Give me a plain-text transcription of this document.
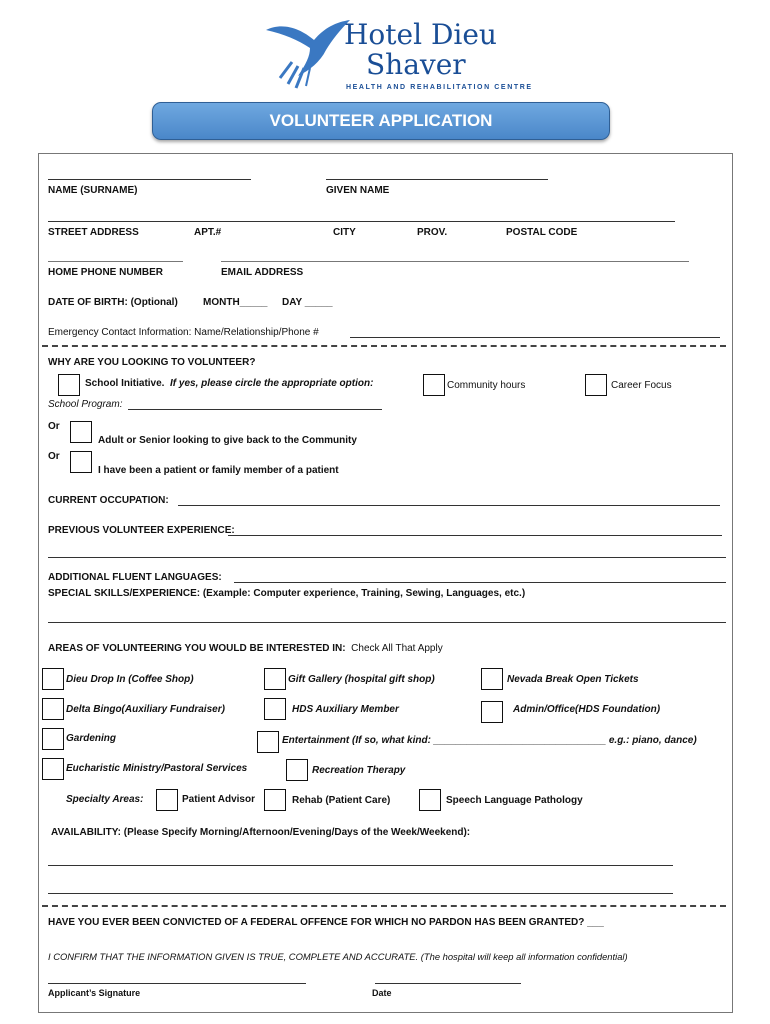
Hotel Dieu
Shaver
HEALTH AND REHABILITATION CENTRE
VOLUNTEER APPLICATION
NAME (SURNAME)	GIVEN NAME
STREET ADDRESS	APT.#	CITY	PROV.	POSTAL CODE
HOME PHONE NUMBER	EMAIL ADDRESS
DATE OF BIRTH: (Optional)	MONTH_____ DAY _____
Emergency Contact Information: Name/Relationship/Phone #
WHY ARE YOU LOOKING TO VOLUNTEER?
School Initiative. If yes, please circle the appropriate option:	Community hours	Career Focus
School Program:
Or
Adult or Senior looking to give back to the Community
Or
I have been a patient or family member of a patient
CURRENT OCCUPATION:
PREVIOUS VOLUNTEER EXPERIENCE:
ADDITIONAL FLUENT LANGUAGES:
SPECIAL SKILLS/EXPERIENCE: (Example: Computer experience, Training, Sewing, Languages, etc.)
AREAS OF VOLUNTEERING YOU WOULD BE INTERESTED IN: Check All That Apply
Dieu Drop In (Coffee Shop)	Gift Gallery (hospital gift shop)	Nevada Break Open Tickets
Delta Bingo(Auxiliary Fundraiser)	HDS Auxiliary Member	Admin/Office(HDS Foundation)
Gardening	Entertainment (If so, what kind: _______________________________ e.g.: piano, dance)
Eucharistic Ministry/Pastoral Services	Recreation Therapy
Specialty Areas:	Patient Advisor	Rehab (Patient Care)	Speech Language Pathology
AVAILABILITY: (Please Specify Morning/Afternoon/Evening/Days of the Week/Weekend):
HAVE YOU EVER BEEN CONVICTED OF A FEDERAL OFFENCE FOR WHICH NO PARDON HAS BEEN GRANTED? ___
I CONFIRM THAT THE INFORMATION GIVEN IS TRUE, COMPLETE AND ACCURATE. (The hospital will keep all information confidential)
Applicant’s Signature	Date
